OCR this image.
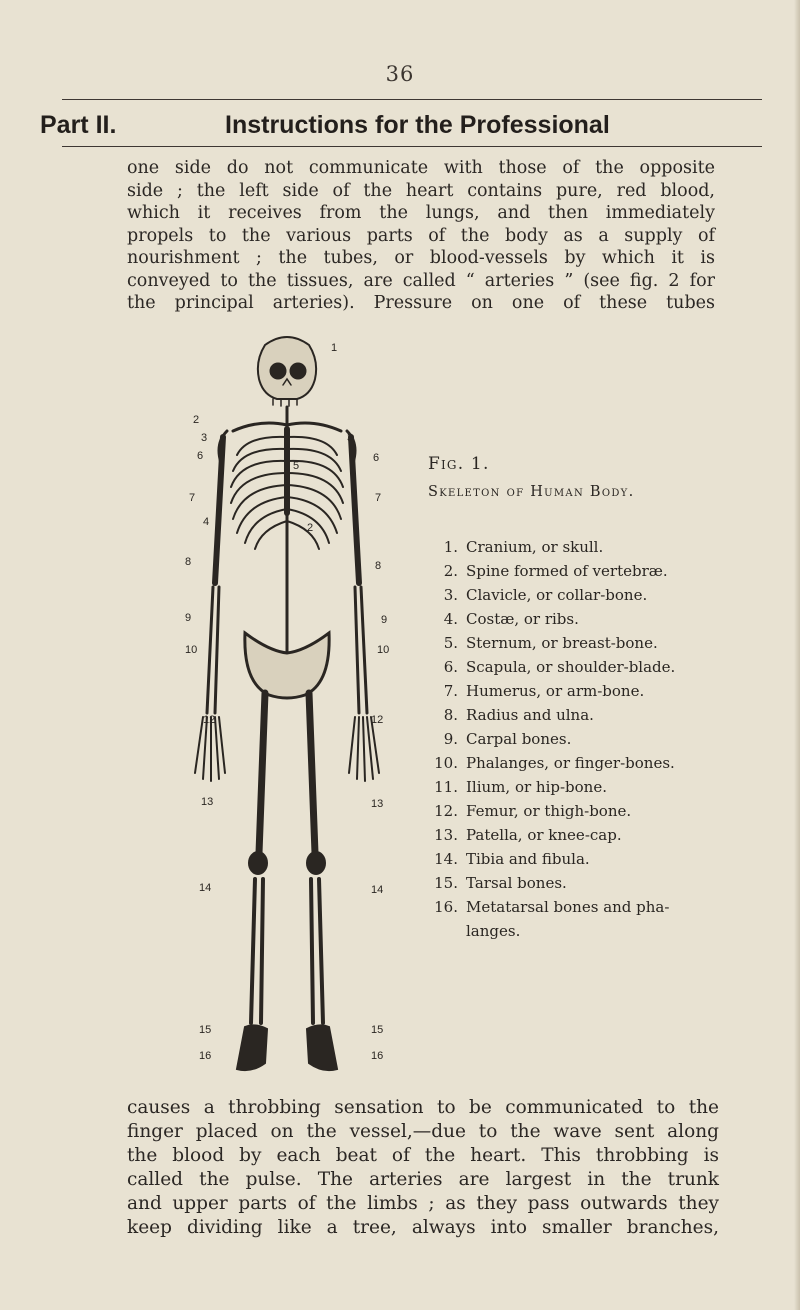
36
Part II.	Instructions for the Professional
one side do not communicate with those of the opposite
side ; the left side of the heart contains pure, red blood,
which it receives from the lungs, and then immediately
propels to the various parts of the body as a supply of
nourishment ; the tubes, or blood-vessels by which it is
conveyed to the tissues, are called “ arteries ” (see fig. 2 for
the principal arteries). Pressure on one of these tubes
1
2
3	3
6	6
5
7	7
4	2
8	8
9	9
10	10
12	12
13	13
14	14
15	15
16	16
Fig. 1.
Skeleton of Human Body.
1. Cranium, or skull.
2. Spine formed of vertebræ.
3. Clavicle, or collar-bone.
4. Costæ, or ribs.
5. Sternum, or breast-bone.
6. Scapula, or shoulder-blade.
7. Humerus, or arm-bone.
8. Radius and ulna.
9. Carpal bones.
10. Phalanges, or finger-bones.
11. Ilium, or hip-bone.
12. Femur, or thigh-bone.
13. Patella, or knee-cap.
14. Tibia and fibula.
15. Tarsal bones.
16. Metatarsal bones and pha-
langes.
causes a throbbing sensation to be communicated to the
finger placed on the vessel,—due to the wave sent along
the blood by each beat of the heart. This throbbing is
called the pulse. The arteries are largest in the trunk
and upper parts of the limbs ; as they pass outwards they
keep dividing like a tree, always into smaller branches,
